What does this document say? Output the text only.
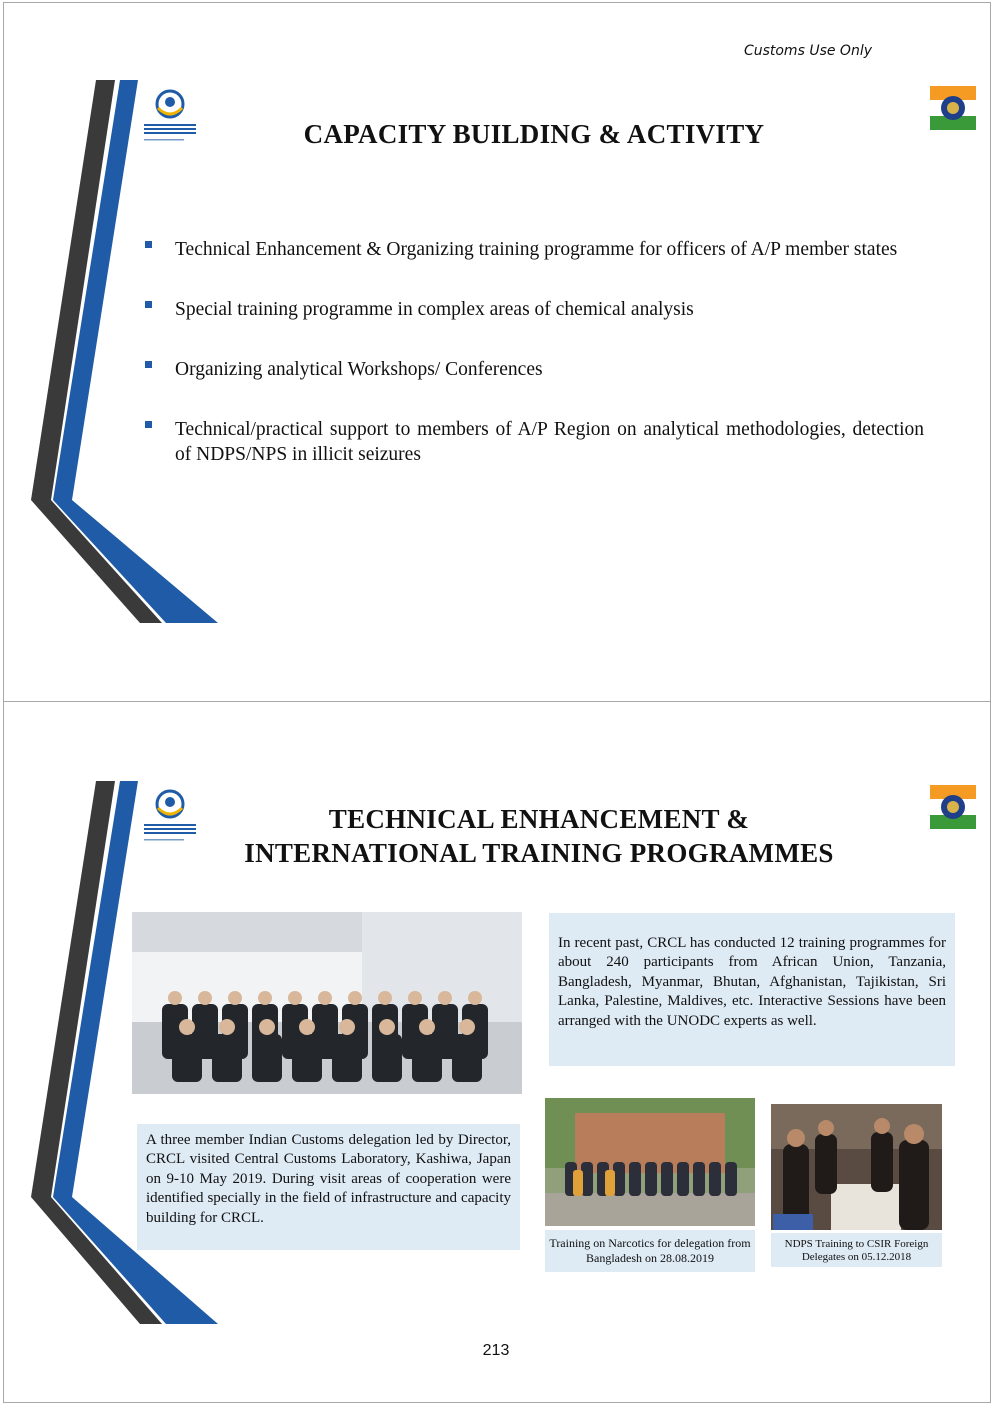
Customs Use Only
CAPACITY BUILDING & ACTIVITY
Technical Enhancement & Organizing training programme for officers of A/P member states
Special training programme in complex areas of chemical analysis
Organizing analytical Workshops/ Conferences
Technical/practical support to members of A/P Region on analytical methodologies, detection of NDPS/NPS in illicit seizures
TECHNICAL ENHANCEMENT &
INTERNATIONAL TRAINING PROGRAMMES
A three member Indian Customs delegation led by Director, CRCL visited Central Customs Laboratory, Kashiwa, Japan on 9-10 May 2019. During visit areas of cooperation were identified specially in the field of infrastructure and capacity building for CRCL.
In recent past, CRCL has conducted 12 training programmes for about 240 participants from African Union, Tanzania, Bangladesh, Myanmar, Bhutan, Afghanistan, Tajikistan, Sri Lanka, Palestine, Maldives, etc. Interactive Sessions have been arranged with the UNODC experts as well.
Training on Narcotics for delegation from Bangladesh on 28.08.2019
NDPS Training to CSIR Foreign Delegates on 05.12.2018
213
